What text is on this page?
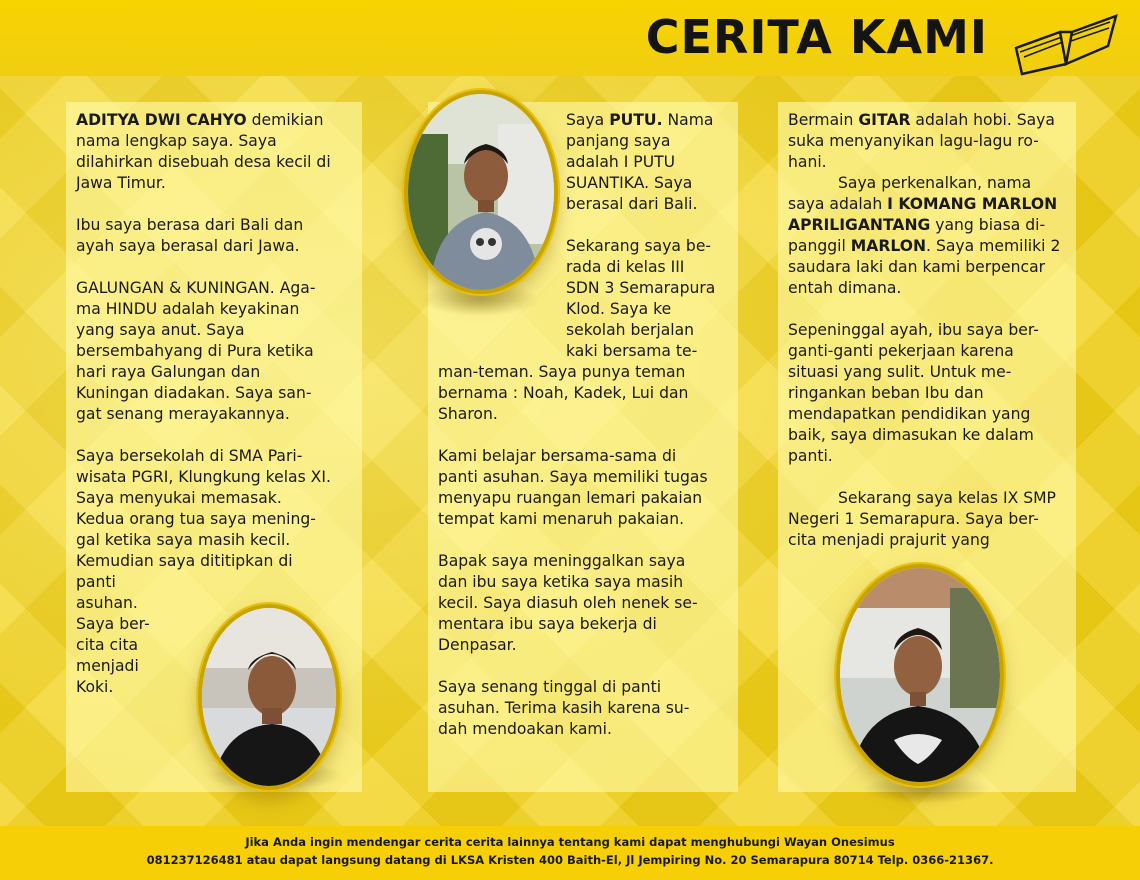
CERITA KAMI
ADITYA DWI CAHYO demikian
nama lengkap saya. Saya
dilahirkan disebuah desa kecil di
Jawa Timur.
Ibu saya berasa dari Bali dan
ayah saya berasal dari Jawa.
GALUNGAN & KUNINGAN. Aga-
ma HINDU adalah keyakinan
yang saya anut. Saya
bersembahyang di Pura ketika
hari raya Galungan dan
Kuningan diadakan. Saya san-
gat senang merayakannya.
Saya bersekolah di SMA Pari-
wisata PGRI, Klungkung kelas XI.
Saya menyukai memasak.
Kedua orang tua saya mening-
gal ketika saya masih kecil.
Kemudian saya dititipkan di
panti
asuhan.
Saya ber-
cita cita
menjadi
Koki.
Saya PUTU. Nama
panjang saya
adalah I PUTU
SUANTIKA. Saya
berasal dari Bali.
Sekarang saya be-
rada di kelas III
SDN 3 Semarapura
Klod. Saya ke
sekolah berjalan
kaki bersama te-
man-teman. Saya punya teman
bernama : Noah, Kadek, Lui dan
Sharon.
Kami belajar bersama-sama di
panti asuhan. Saya memiliki tugas
menyapu ruangan lemari pakaian
tempat kami menaruh pakaian.
Bapak saya meninggalkan saya
dan ibu saya ketika saya masih
kecil. Saya diasuh oleh nenek se-
mentara ibu saya bekerja di
Denpasar.
Saya senang tinggal di panti
asuhan. Terima kasih karena su-
dah mendoakan kami.
Bermain GITAR adalah hobi. Saya
suka menyanyikan lagu-lagu ro-
hani.
Saya perkenalkan, nama
saya adalah I KOMANG MARLON
APRILIGANTANG yang biasa di-
panggil MARLON. Saya memiliki 2
saudara laki dan kami berpencar
entah dimana.
Sepeninggal ayah, ibu saya ber-
ganti-ganti pekerjaan karena
situasi yang sulit. Untuk me-
ringankan beban Ibu dan
mendapatkan pendidikan yang
baik, saya dimasukan ke dalam
panti.
Sekarang saya kelas IX SMP
Negeri 1 Semarapura. Saya ber-
cita menjadi prajurit yang
Jika Anda ingin mendengar cerita cerita lainnya tentang kami dapat menghubungi Wayan Onesimus
081237126481 atau dapat langsung datang di LKSA Kristen 400 Baith-El, Jl Jempiring No. 20 Semarapura 80714 Telp. 0366-21367.
